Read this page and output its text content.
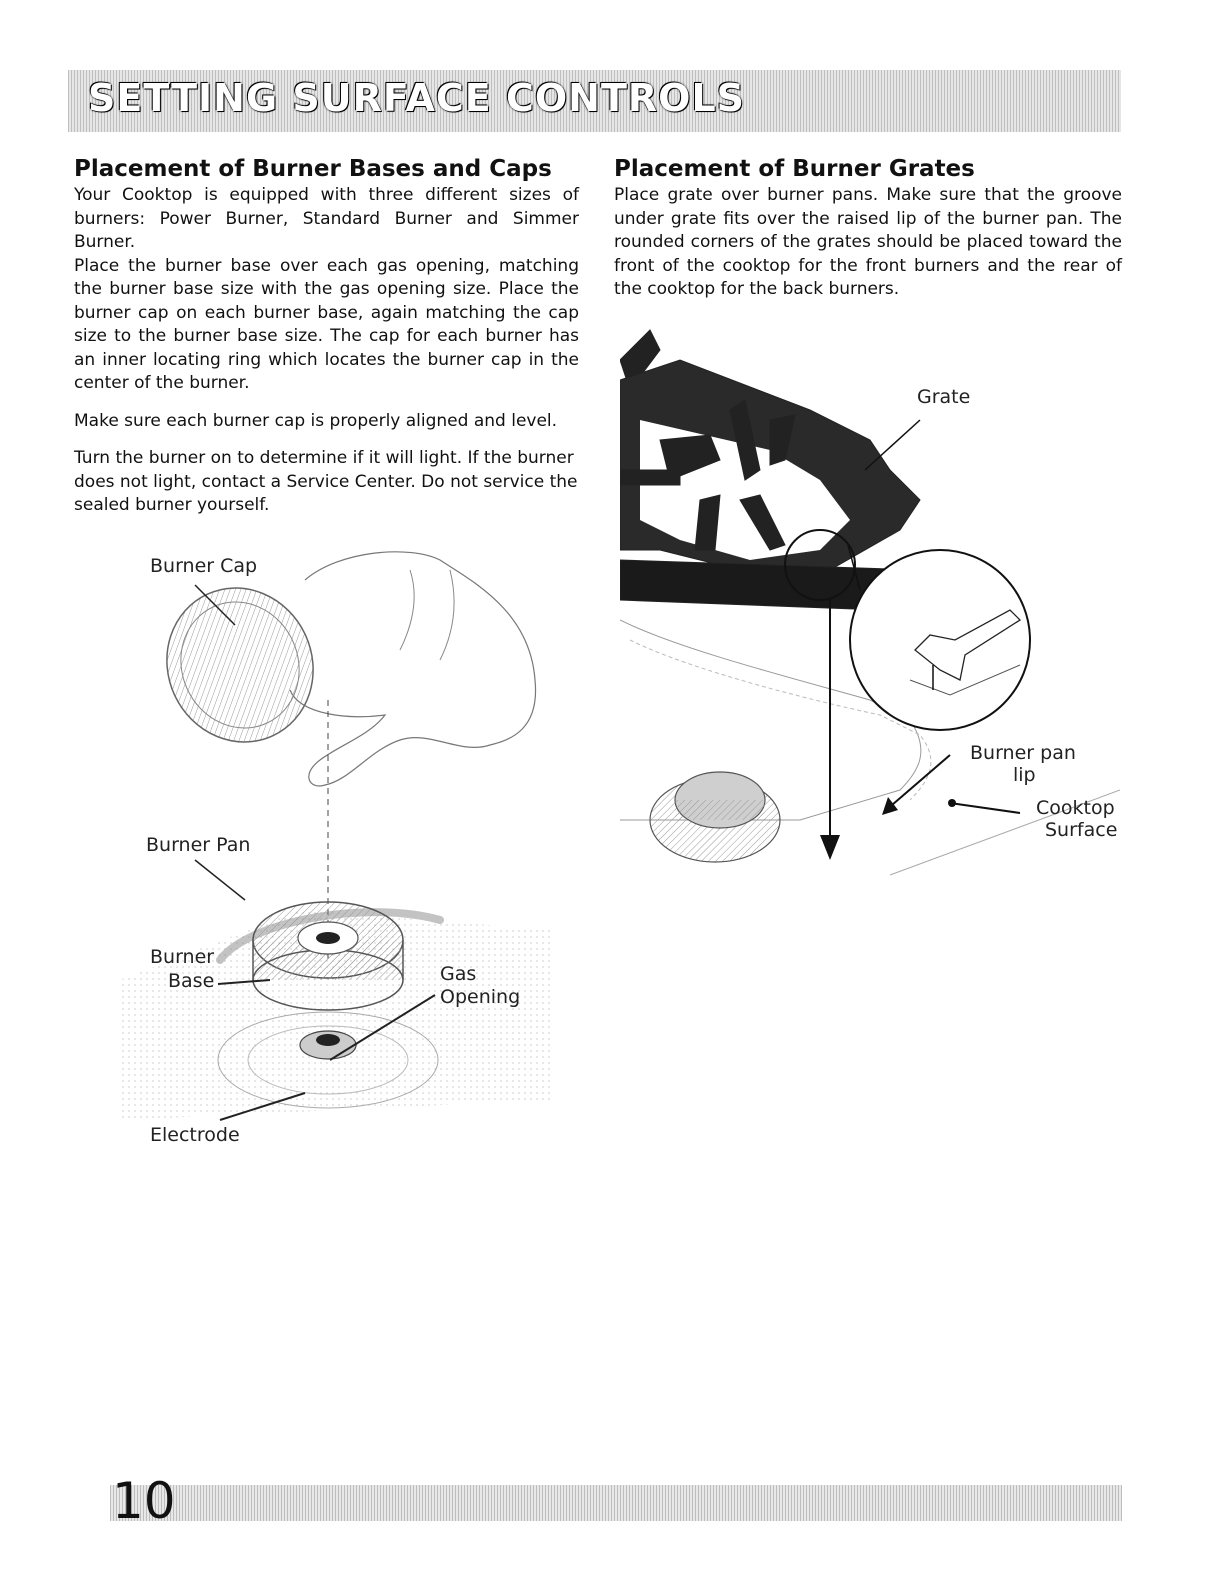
SETTING SURFACE CONTROLS
Placement of Burner Bases and Caps

Your Cooktop is equipped with three different sizes of burners: Power Burner, Standard Burner and Simmer Burner.

Place the burner base over each gas opening, matching the burner base size with the gas opening size. Place the burner cap on each burner base, again matching the cap size to the burner base size. The cap for each burner has an inner locating ring which locates the burner cap in the center of the burner.

Make sure each burner cap is properly aligned and level.

Turn the burner on to determine if it will light. If the burner does not light, contact a Service Center. Do not service the sealed burner yourself.

Placement of Burner Grates

Place grate over burner pans. Make sure that the groove under grate fits over the raised lip of the burner pan. The rounded corners of the grates should be placed toward the front of the cooktop for the front burners and the rear of the cooktop for the back burners.

Burner Cap
Burner Pan
Burner
Base	Gas
Opening
Electrode
Grate
Burner pan
lip
Cooktop
Surface
10
